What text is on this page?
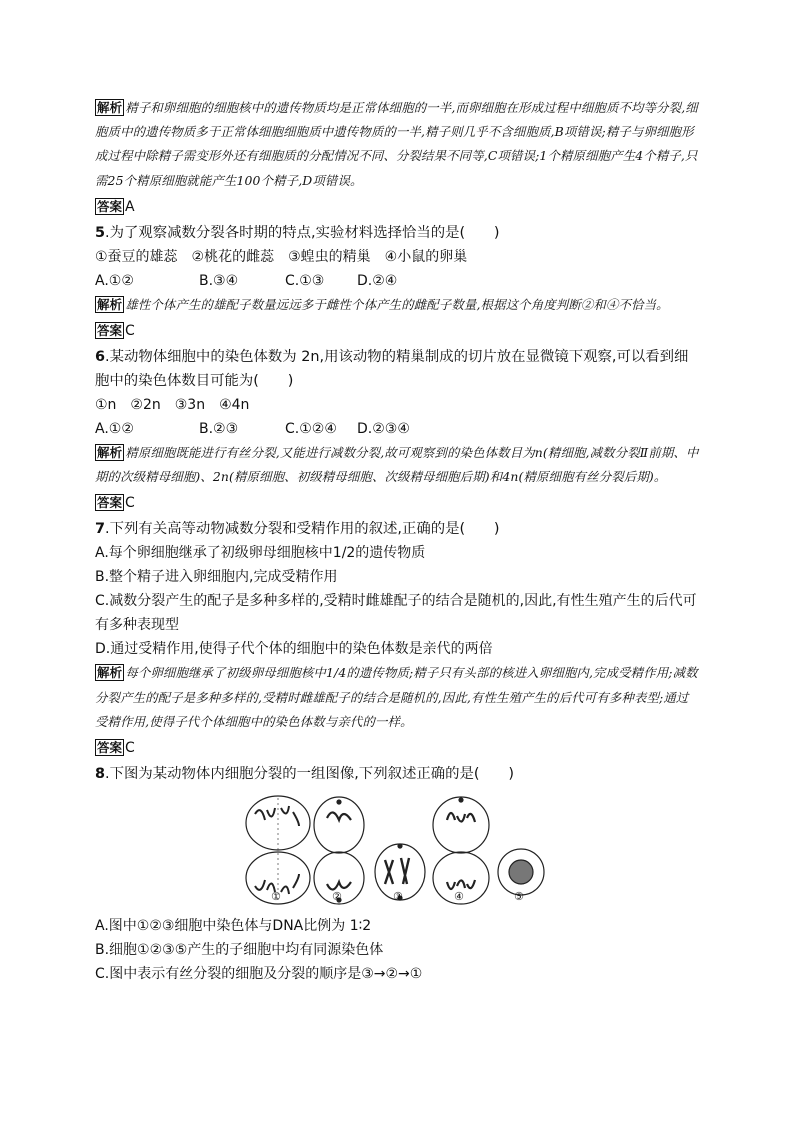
解析 精子和卵细胞的细胞核中的遗传物质均是正常体细胞的一半,而卵细胞在形成过程中细胞质不均等分裂,细胞质中的遗传物质多于正常体细胞细胞质中遗传物质的一半,精子则几乎不含细胞质,B项错误;精子与卵细胞形成过程中除精子需变形外还有细胞质的分配情况不同、分裂结果不同等,C项错误;1个精原细胞产生4个精子,只需25个精原细胞就能产生100个精子,D项错误。

答案 A

5.为了观察减数分裂各时期的特点,实验材料选择恰当的是(　　)

①蚕豆的雄蕊　②桃花的雌蕊　③蝗虫的精巢　④小鼠的卵巢

A.①②	B.③④	C.①③	D.②④

解析 雄性个体产生的雄配子数量远远多于雌性个体产生的雌配子数量,根据这个角度判断②和④不恰当。

答案 C

6.某动物体细胞中的染色体数为 2n,用该动物的精巢制成的切片放在显微镜下观察,可以看到细胞中的染色体数目可能为(　　)

①n　②2n　③3n　④4n

A.①②	B.②③	C.①②④	D.②③④

解析 精原细胞既能进行有丝分裂,又能进行减数分裂,故可观察到的染色体数目为n(精细胞,减数分裂Ⅱ前期、中期的次级精母细胞)、2n(精原细胞、初级精母细胞、次级精母细胞后期)和4n(精原细胞有丝分裂后期)。

答案 C

7.下列有关高等动物减数分裂和受精作用的叙述,正确的是(　　)

A.每个卵细胞继承了初级卵母细胞核中1/2的遗传物质

B.整个精子进入卵细胞内,完成受精作用

C.减数分裂产生的配子是多种多样的,受精时雌雄配子的结合是随机的,因此,有性生殖产生的后代可有多种表现型

D.通过受精作用,使得子代个体的细胞中的染色体数是亲代的两倍

解析 每个卵细胞继承了初级卵母细胞核中1/4的遗传物质;精子只有头部的核进入卵细胞内,完成受精作用;减数分裂产生的配子是多种多样的,受精时雌雄配子的结合是随机的,因此,有性生殖产生的后代可有多种表型;通过受精作用,使得子代个体细胞中的染色体数与亲代的一样。

答案 C

8.下图为某动物体内细胞分裂的一组图像,下列叙述正确的是(　　)

①	②	③	④	⑤

A.图中①②③细胞中染色体与DNA比例为 1∶2

B.细胞①②③⑤产生的子细胞中均有同源染色体

C.图中表示有丝分裂的细胞及分裂的顺序是③→②→①
